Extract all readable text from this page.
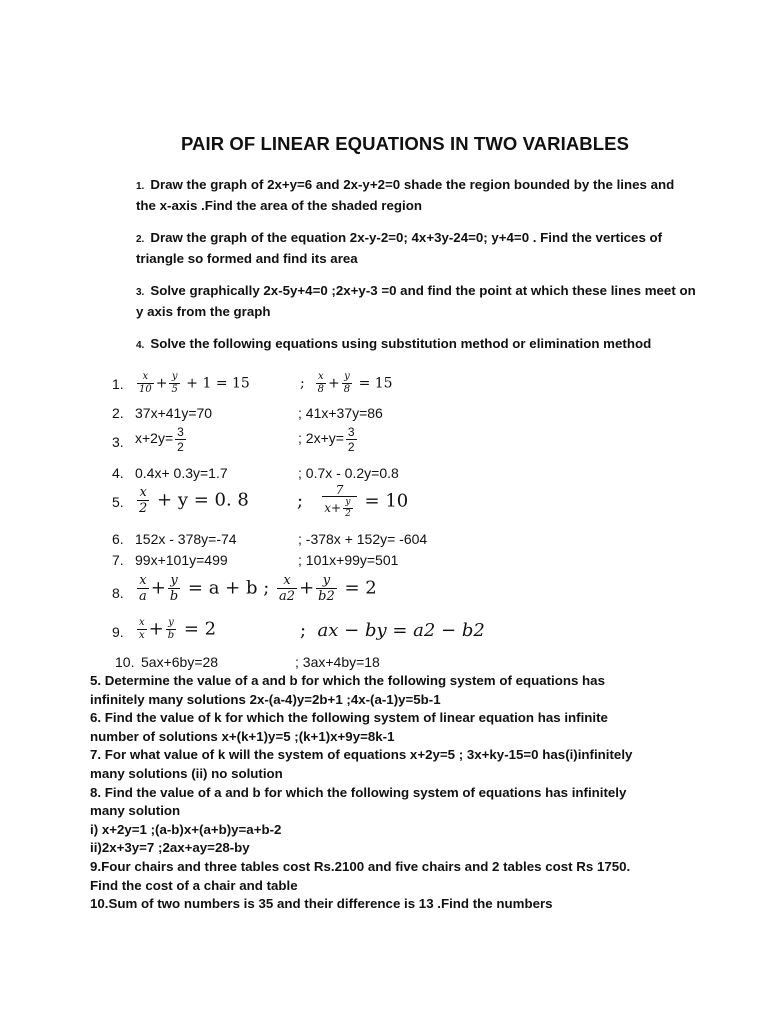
PAIR OF LINEAR EQUATIONS IN TWO VARIABLES
1. Draw the graph of 2x+y=6 and 2x-y+2=0 shade the region bounded by the lines and the x-axis .Find the area of the shaded region
2. Draw the graph of the equation 2x-y-2=0; 4x+3y-24=0; y+4=0 . Find the vertices of triangle so formed and find its area
3. Solve graphically 2x-5y+4=0 ;2x+y-3 =0 and find the point at which these lines meet on y axis from the graph
4. Solve the following equations using substitution method or elimination method
1. $\frac{x}{10} + \frac{y}{5} + 1 = 15$	; $\frac{x}{8} + \frac{y}{8} = 15$
2. 37x+41y=70	; 41x+37y=86
3. $x+2y= \frac{3}{2}$	; $2x+y= \frac{3}{2}$
4. 0.4x+ 0.3y=1.7	; 0.7x - 0.2y=0.8
5. $\frac{x}{2} + y = 0$. 8	; $\frac{7}{x+ \frac{y}{2}} = 10$
6. 152x - 378y=-74	; -378x + 152y= -604
7. 99x+101y=499	; 101x+99y=501
8. $\frac{x}{a} + \frac{y}{b} = a + b$ ; $\frac{x}{a2} + \frac{y}{b2} = 2$
9. $\frac{x}{x} + \frac{y}{b} = 2$	; ax − by = a2 − b2
10. 5ax+6by=28	; 3ax+4by=18
5. Determine the value of a and b for which the following system of equations has
infinitely many solutions 2x-(a-4)y=2b+1 ;4x-(a-1)y=5b-1
6. Find the value of k for which the following system of linear equation has infinite
number of solutions x+(k+1)y=5 ;(k+1)x+9y=8k-1
7. For what value of k will the system of equations x+2y=5 ; 3x+ky-15=0 has(i)infinitely
many solutions (ii) no solution
8. Find the value of a and b for which the following system of equations has infinitely
many solution
i) x+2y=1 ;(a-b)x+(a+b)y=a+b-2
ii)2x+3y=7 ;2ax+ay=28-by
9.Four chairs and three tables cost Rs.2100 and five chairs and 2 tables cost Rs 1750.
Find the cost of a chair and table
10.Sum of two numbers is 35 and their difference is 13 .Find the numbers
